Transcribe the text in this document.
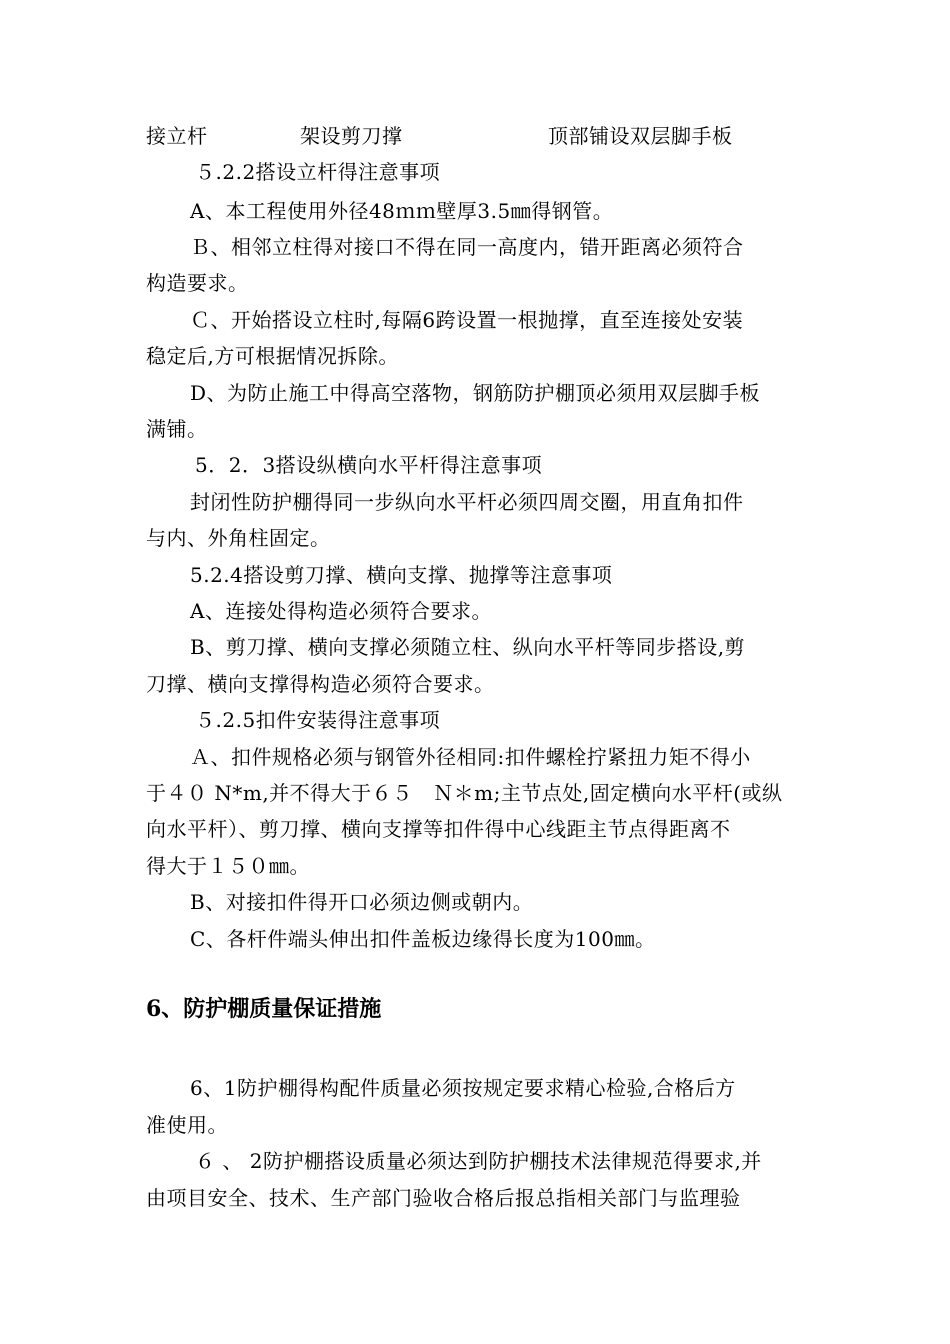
接立杆	架设剪刀撑	顶部铺设双层脚手板
５.2.2搭设立杆得注意事项
A、本工程使用外径48ｍｍ壁厚3.5㎜得钢管。
Ｂ、相邻立柱得对接口不得在同一高度内，错开距离必须符合
构造要求。
Ｃ、开始搭设立柱时,每隔6跨设置一根抛撑，直至连接处安装
稳定后,方可根据情况拆除。
D、为防止施工中得高空落物，钢筋防护棚顶必须用双层脚手板
满铺。
5．2．3搭设纵横向水平杆得注意事项
封闭性防护棚得同一步纵向水平杆必须四周交圈，用直角扣件
与内、外角柱固定。
5.2.4搭设剪刀撑、横向支撑、抛撑等注意事项
A、连接处得构造必须符合要求。
B、剪刀撑、横向支撑必须随立柱、纵向水平杆等同步搭设,剪
刀撑、横向支撑得构造必须符合要求。
５.2.5扣件安装得注意事项
Ａ、扣件规格必须与钢管外径相同:扣件螺栓拧紧扭力矩不得小
于４０ N*m,并不得大于６５　Ｎ＊m;主节点处,固定横向水平杆(或纵
向水平杆）、剪刀撑、横向支撑等扣件得中心线距主节点得距离不
得大于１５０㎜。
B、对接扣件得开口必须边侧或朝内。
C、各杆件端头伸出扣件盖板边缘得长度为100㎜。
6、防护棚质量保证措施
6、1防护棚得构配件质量必须按规定要求精心检验,合格后方
准使用。
６ 、 2防护棚搭设质量必须达到防护棚技术法律规范得要求,并
由项目安全、技术、生产部门验收合格后报总指相关部门与监理验
